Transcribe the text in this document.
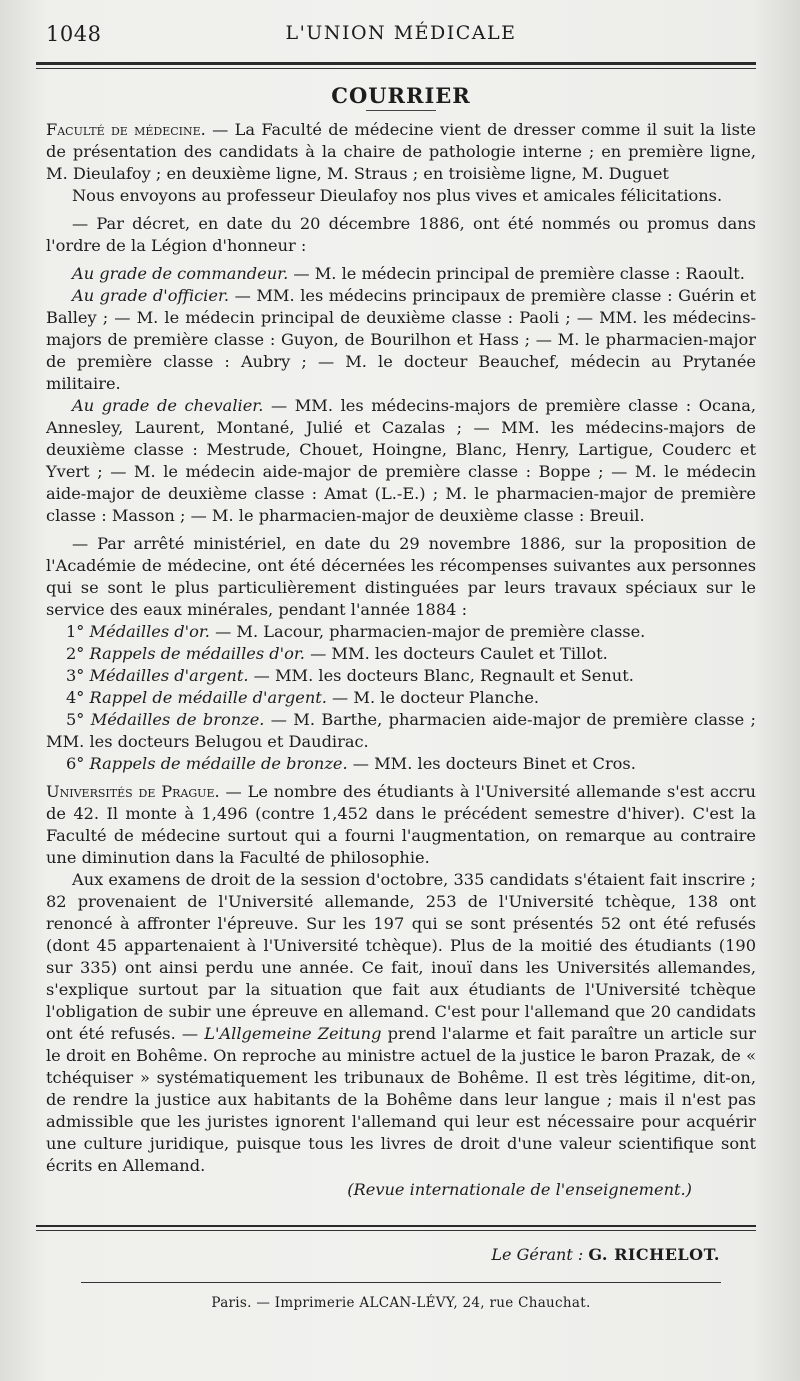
1048	L'UNION MÉDICALE
COURRIER

Faculté de médecine. — La Faculté de médecine vient de dresser comme il suit la liste de présentation des candidats à la chaire de pathologie interne ; en première ligne, M. Dieulafoy ; en deuxième ligne, M. Straus ; en troisième ligne, M. Duguet

Nous envoyons au professeur Dieulafoy nos plus vives et amicales félicitations.

— Par décret, en date du 20 décembre 1886, ont été nommés ou promus dans l'ordre de la Légion d'honneur :

Au grade de commandeur. — M. le médecin principal de première classe : Raoult.

Au grade d'officier. — MM. les médecins principaux de première classe : Guérin et Balley ; — M. le médecin principal de deuxième classe : Paoli ; — MM. les médecins-majors de première classe : Guyon, de Bourilhon et Hass ; — M. le pharmacien-major de première classe : Aubry ; — M. le docteur Beauchef, médecin au Prytanée militaire.

Au grade de chevalier. — MM. les médecins-majors de première classe : Ocana, Annesley, Laurent, Montané, Julié et Cazalas ; — MM. les médecins-majors de deuxième classe : Mestrude, Chouet, Hoingne, Blanc, Henry, Lartigue, Couderc et Yvert ; — M. le médecin aide-major de première classe : Boppe ; — M. le médecin aide-major de deuxième classe : Amat (L.-E.) ; M. le pharmacien-major de première classe : Masson ; — M. le pharmacien-major de deuxième classe : Breuil.

— Par arrêté ministériel, en date du 29 novembre 1886, sur la proposition de l'Académie de médecine, ont été décernées les récompenses suivantes aux personnes qui se sont le plus particulièrement distinguées par leurs travaux spéciaux sur le service des eaux minérales, pendant l'année 1884 :

1° Médailles d'or. — M. Lacour, pharmacien-major de première classe.

2° Rappels de médailles d'or. — MM. les docteurs Caulet et Tillot.

3° Médailles d'argent. — MM. les docteurs Blanc, Regnault et Senut.

4° Rappel de médaille d'argent. — M. le docteur Planche.

5° Médailles de bronze. — M. Barthe, pharmacien aide-major de première classe ; MM. les docteurs Belugou et Daudirac.

6° Rappels de médaille de bronze. — MM. les docteurs Binet et Cros.

Universités de Prague. — Le nombre des étudiants à l'Université allemande s'est accru de 42. Il monte à 1,496 (contre 1,452 dans le précédent semestre d'hiver). C'est la Faculté de médecine surtout qui a fourni l'augmentation, on remarque au contraire une diminution dans la Faculté de philosophie.

Aux examens de droit de la session d'octobre, 335 candidats s'étaient fait inscrire ; 82 provenaient de l'Université allemande, 253 de l'Université tchèque, 138 ont renoncé à affronter l'épreuve. Sur les 197 qui se sont présentés 52 ont été refusés (dont 45 appartenaient à l'Université tchèque). Plus de la moitié des étudiants (190 sur 335) ont ainsi perdu une année. Ce fait, inouï dans les Universités allemandes, s'explique surtout par la situation que fait aux étudiants de l'Université tchèque l'obligation de subir une épreuve en allemand. C'est pour l'allemand que 20 candidats ont été refusés. — L'Allgemeine Zeitung prend l'alarme et fait paraître un article sur le droit en Bohême. On reproche au ministre actuel de la justice le baron Prazak, de « tchéquiser » systématiquement les tribunaux de Bohême. Il est très légitime, dit-on, de rendre la justice aux habitants de la Bohême dans leur langue ; mais il n'est pas admissible que les juristes ignorent l'allemand qui leur est nécessaire pour acquérir une culture juridique, puisque tous les livres de droit d'une valeur scientifique sont écrits en Allemand.

(Revue internationale de l'enseignement.)
Le Gérant : G. RICHELOT.
Paris. — Imprimerie ALCAN-LÉVY, 24, rue Chauchat.
